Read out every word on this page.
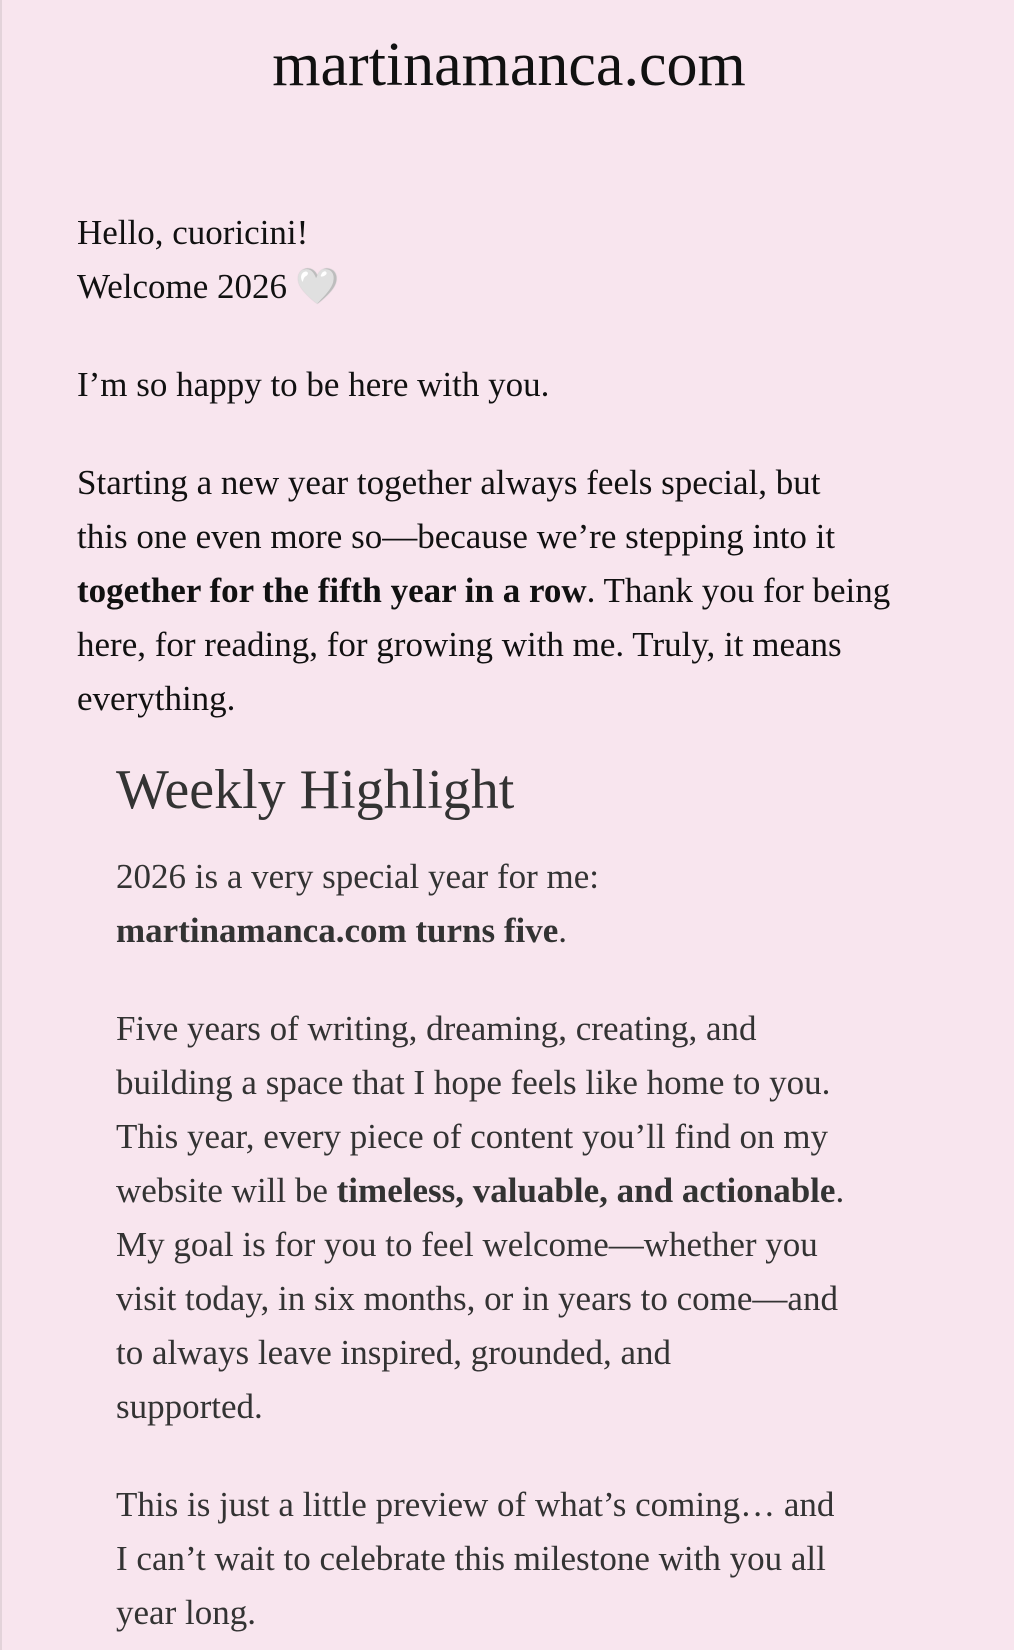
martinamanca.com
Hello, cuoricini!
Welcome 2026 🤍
I’m so happy to be here with you.
Starting a new year together always feels special, but
this one even more so—because we’re stepping into it
together for the fifth year in a row. Thank you for being
here, for reading, for growing with me. Truly, it means
everything.
Weekly Highlight
2026 is a very special year for me:
martinamanca.com turns five.
Five years of writing, dreaming, creating, and
building a space that I hope feels like home to you.
This year, every piece of content you’ll find on my
website will be timeless, valuable, and actionable.
My goal is for you to feel welcome—whether you
visit today, in six months, or in years to come—and
to always leave inspired, grounded, and
supported.
This is just a little preview of what’s coming… and
I can’t wait to celebrate this milestone with you all
year long.
